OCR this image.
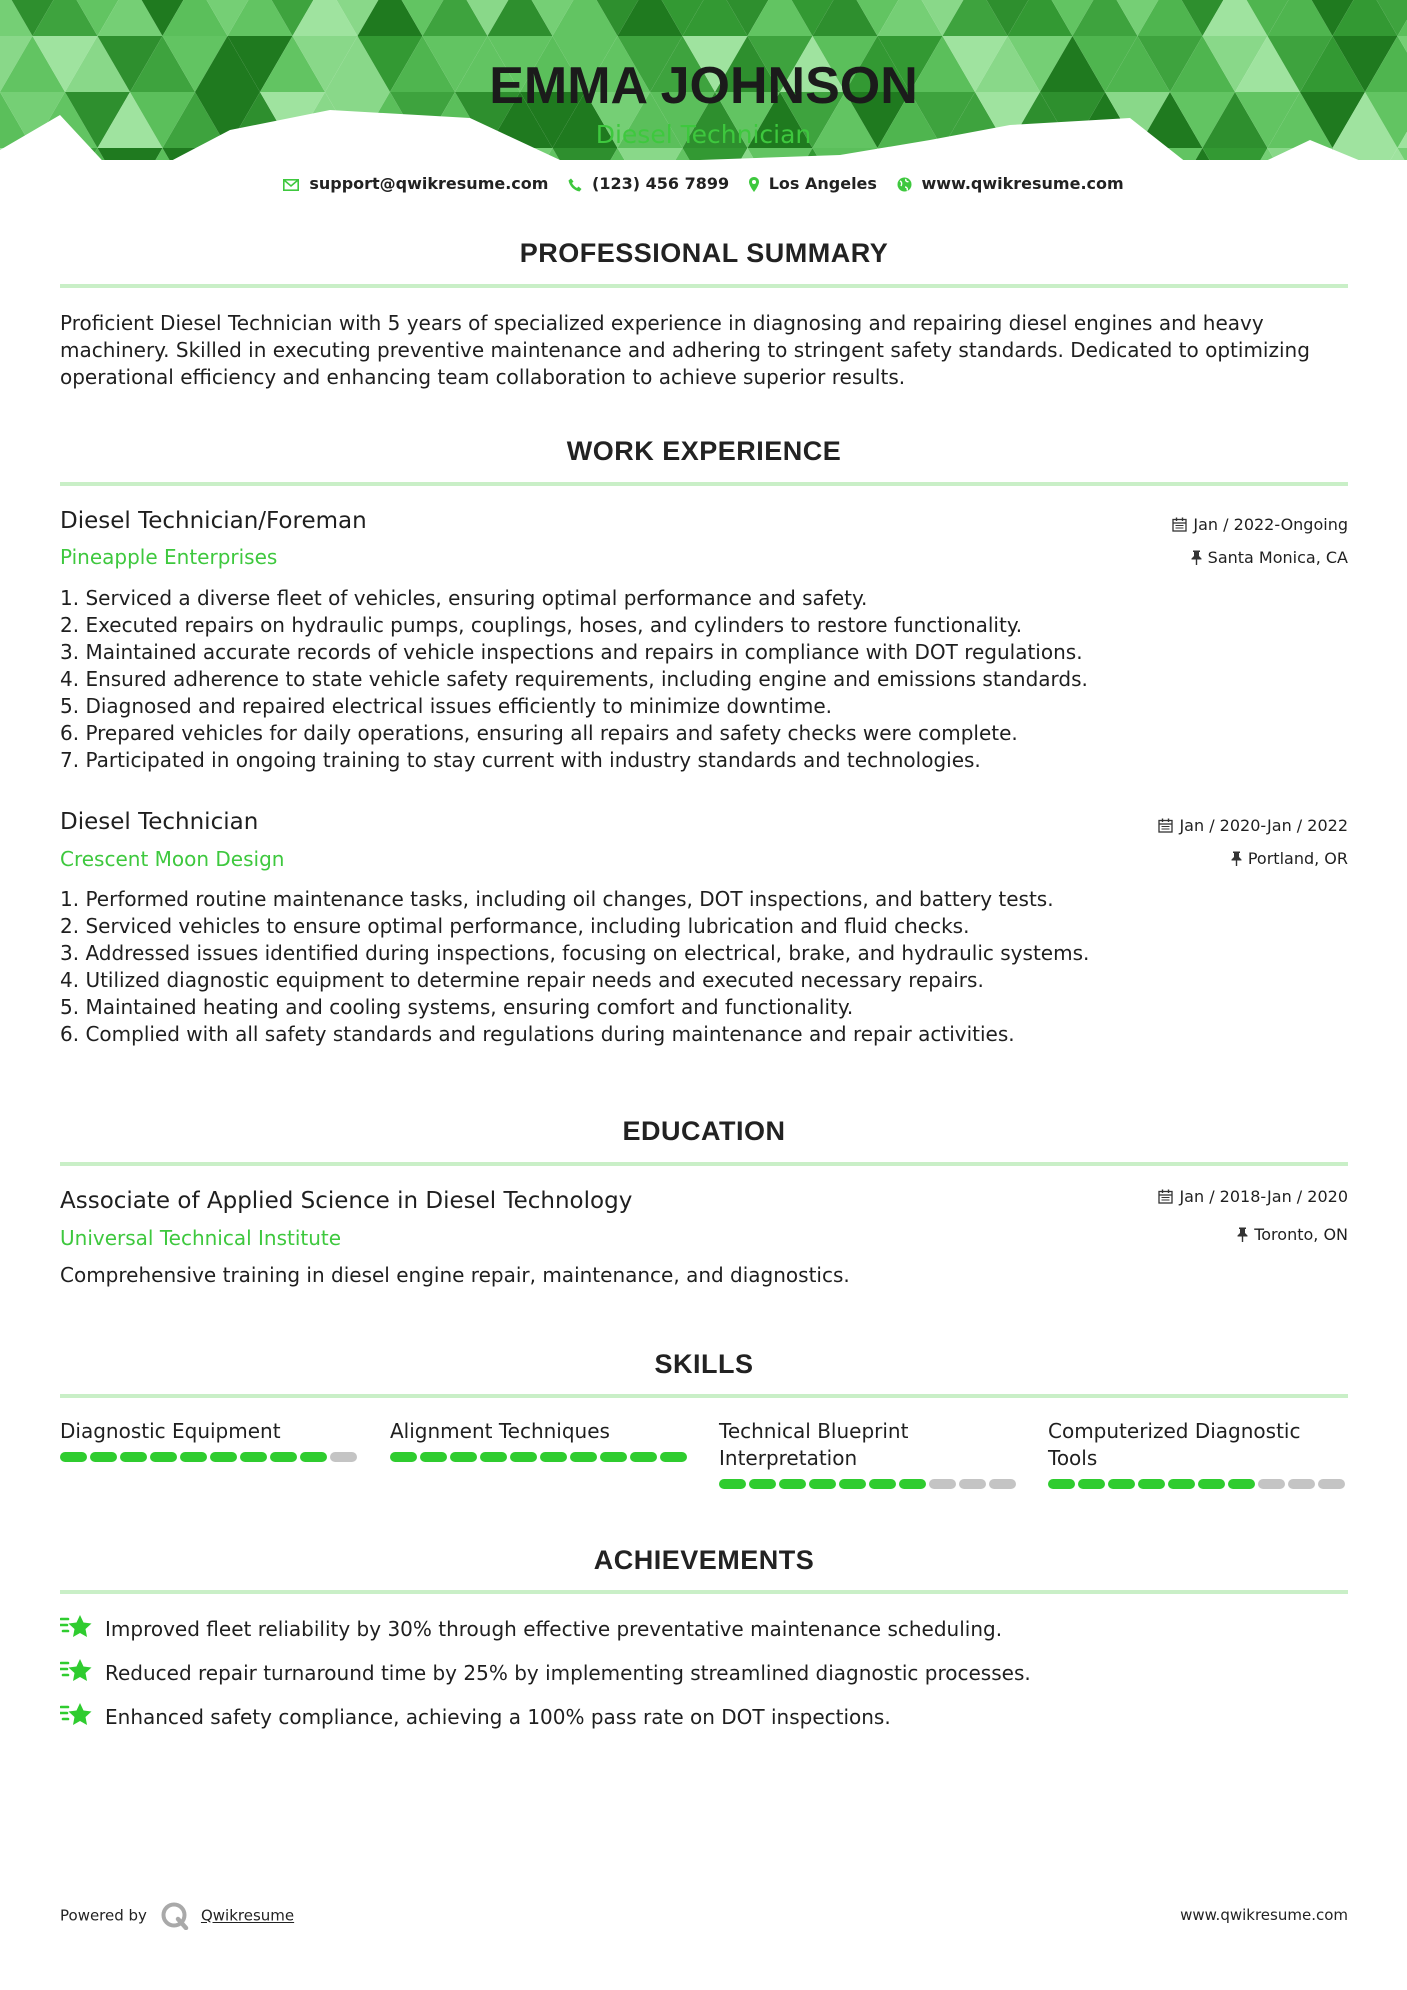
EMMA JOHNSON
Diesel Technician
support@qwikresume.com	(123) 456 7899 Los Angeles	www.qwikresume.com
PROFESSIONAL SUMMARY
Proficient Diesel Technician with 5 years of specialized experience in diagnosing and repairing diesel engines and heavy machinery. Skilled in executing preventive maintenance and adhering to stringent safety standards. Dedicated to optimizing operational efficiency and enhancing team collaboration to achieve superior results.
WORK EXPERIENCE
Diesel Technician/Foreman
Pineapple Enterprises
Jan / 2022-Ongoing
Santa Monica, CA
1. Serviced a diverse fleet of vehicles, ensuring optimal performance and safety.
2. Executed repairs on hydraulic pumps, couplings, hoses, and cylinders to restore functionality.
3. Maintained accurate records of vehicle inspections and repairs in compliance with DOT regulations.
4. Ensured adherence to state vehicle safety requirements, including engine and emissions standards.
5. Diagnosed and repaired electrical issues efficiently to minimize downtime.
6. Prepared vehicles for daily operations, ensuring all repairs and safety checks were complete.
7. Participated in ongoing training to stay current with industry standards and technologies.
Diesel Technician
Crescent Moon Design
Jan / 2020-Jan / 2022
Portland, OR
1. Performed routine maintenance tasks, including oil changes, DOT inspections, and battery tests.
2. Serviced vehicles to ensure optimal performance, including lubrication and fluid checks.
3. Addressed issues identified during inspections, focusing on electrical, brake, and hydraulic systems.
4. Utilized diagnostic equipment to determine repair needs and executed necessary repairs.
5. Maintained heating and cooling systems, ensuring comfort and functionality.
6. Complied with all safety standards and regulations during maintenance and repair activities.
EDUCATION
Associate of Applied Science in Diesel Technology
Universal Technical Institute
Jan / 2018-Jan / 2020
Toronto, ON
Comprehensive training in diesel engine repair, maintenance, and diagnostics.
SKILLS
Diagnostic Equipment	Alignment Techniques	Technical Blueprint Interpretation
Computerized Diagnostic Tools
ACHIEVEMENTS
Improved fleet reliability by 30% through effective preventative maintenance scheduling.
Reduced repair turnaround time by 25% by implementing streamlined diagnostic processes.
Enhanced safety compliance, achieving a 100% pass rate on DOT inspections.
Powered by	Qwikresume	www.qwikresume.com
